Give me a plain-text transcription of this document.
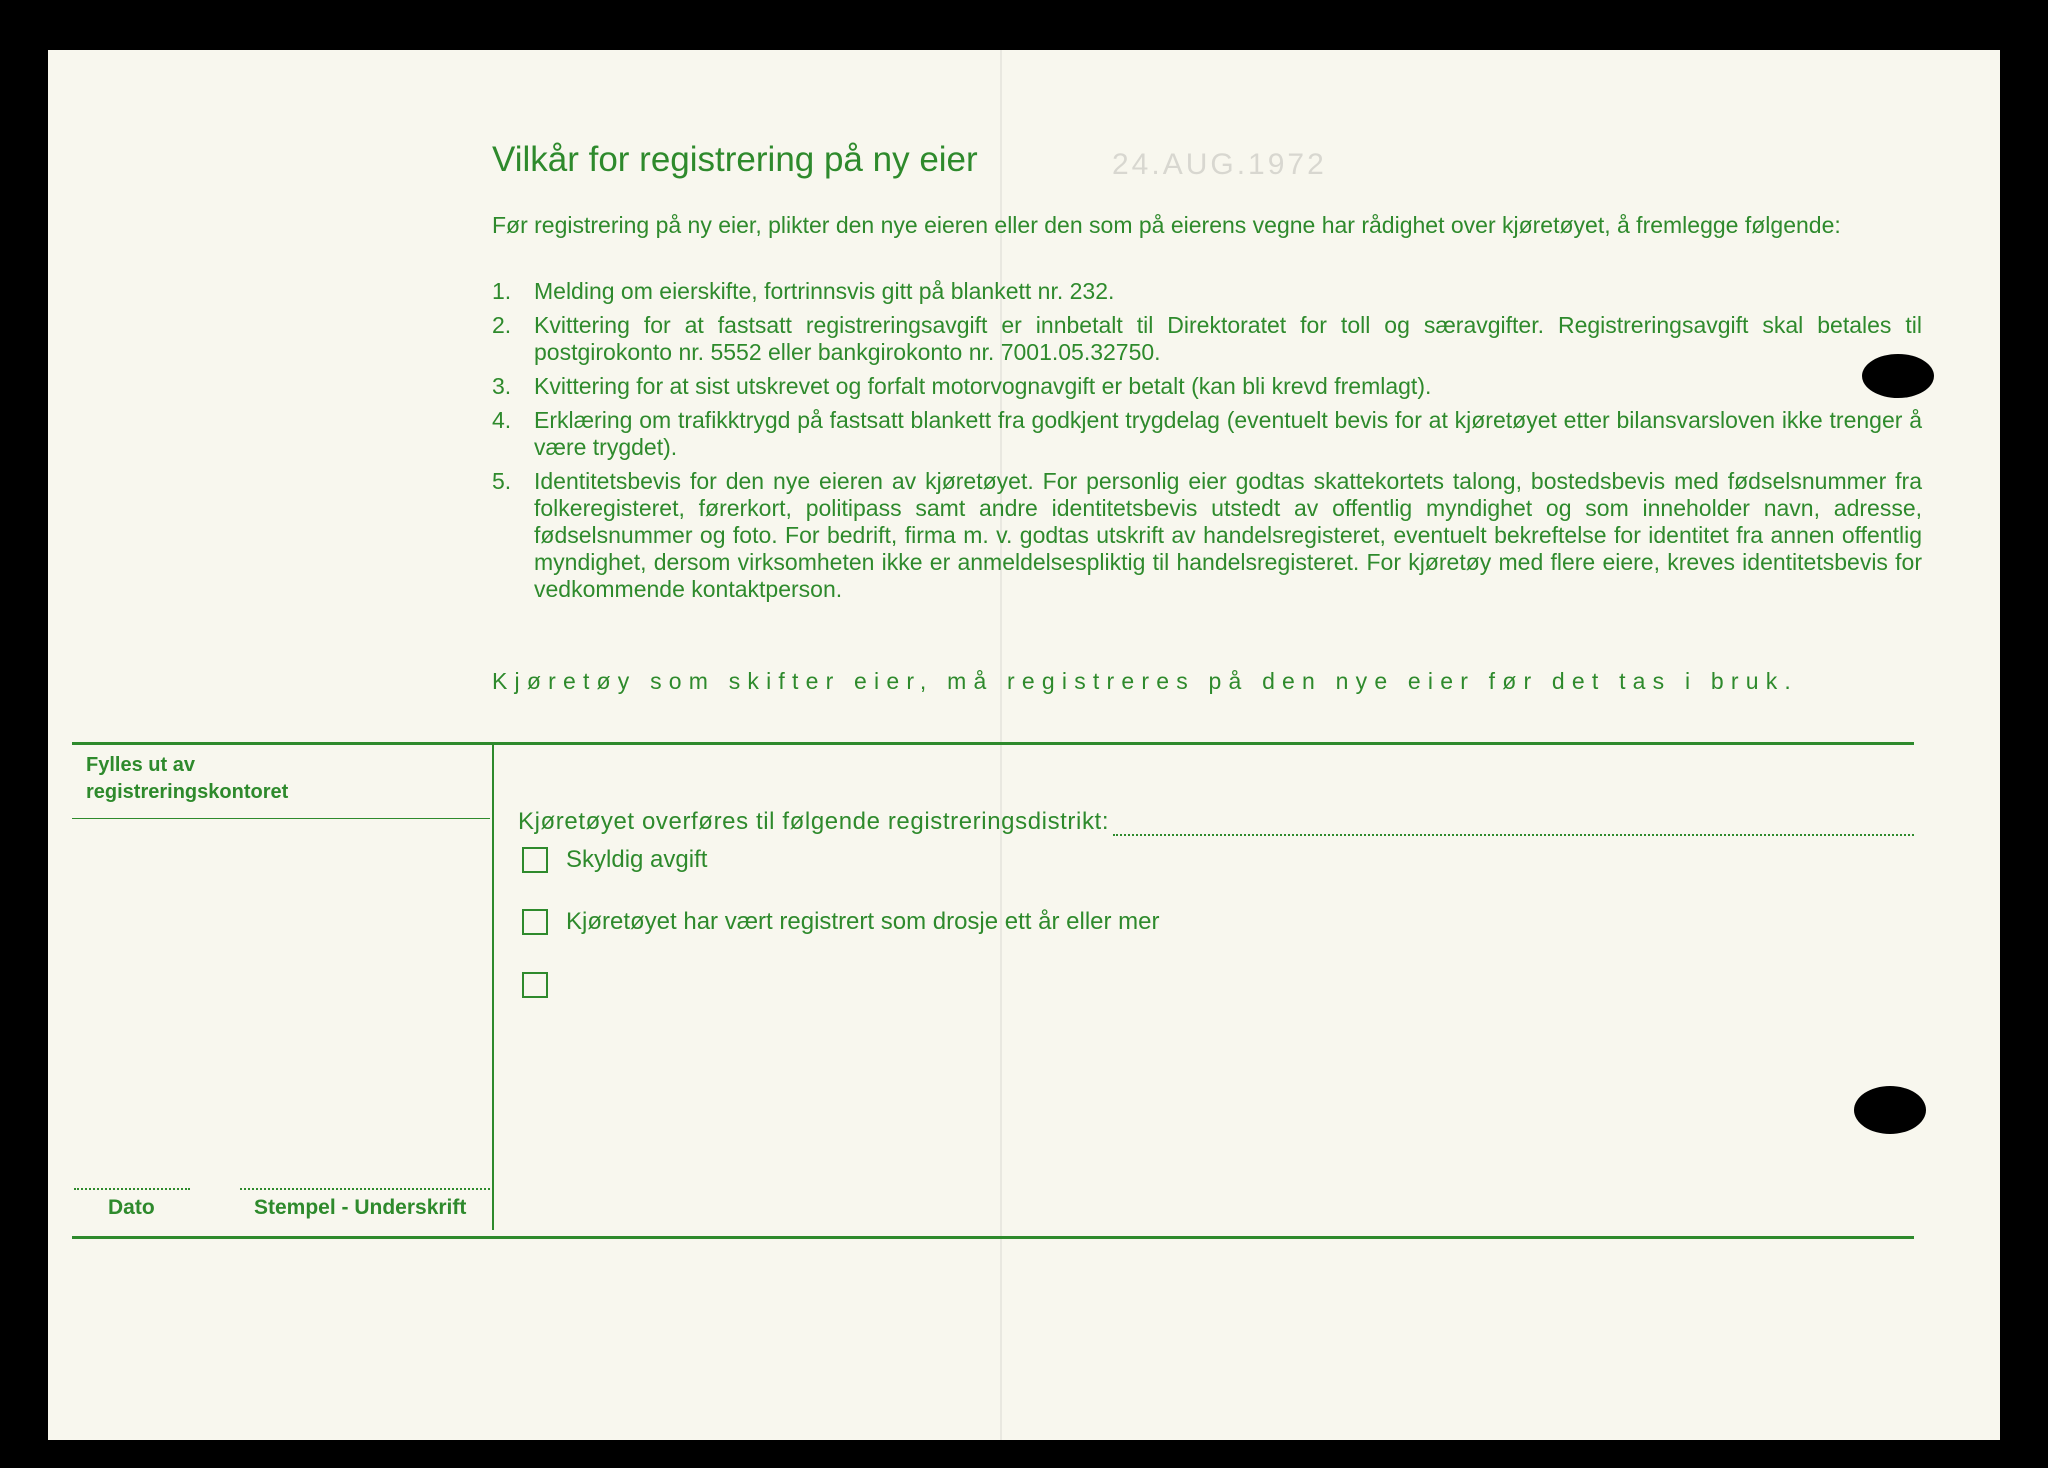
Vilkår for registrering på ny eier	24.AUG.1972
Før registrering på ny eier, plikter den nye eieren eller den som på eierens vegne har rådighet over kjøretøyet, å fremlegge følgende:
1. Melding om eierskifte, fortrinnsvis gitt på blankett nr. 232.
2. Kvittering for at fastsatt registreringsavgift er innbetalt til Direktoratet for toll og særavgifter. Registreringsavgift skal betales til postgirokonto nr. 5552 eller bankgirokonto nr. 7001.05.32750.
3. Kvittering for at sist utskrevet og forfalt motorvognavgift er betalt (kan bli krevd fremlagt).
4. Erklæring om trafikktrygd på fastsatt blankett fra godkjent trygdelag (eventuelt bevis for at kjøretøyet etter bilansvarsloven ikke trenger å være trygdet).
5. Identitetsbevis for den nye eieren av kjøretøyet. For personlig eier godtas skattekortets talong, bostedsbevis med fødselsnummer fra folkeregisteret, førerkort, politipass samt andre identitetsbevis utstedt av offentlig myndighet og som inneholder navn, adresse, fødselsnummer og foto. For bedrift, firma m. v. godtas utskrift av handelsregisteret, eventuelt bekreftelse for identitet fra annen offentlig myndighet, dersom virksomheten ikke er anmeldelsespliktig til handelsregisteret. For kjøretøy med flere eiere, kreves identitetsbevis for vedkommende kontaktperson.
Kjøretøy som skifter eier, må registreres på den nye eier før det tas i bruk.
Fylles ut av
registreringskontoret
Dato	Stempel - Underskrift
Kjøretøyet overføres til følgende registreringsdistrikt:
Skyldig avgift
Kjøretøyet har vært registrert som drosje ett år eller mer
